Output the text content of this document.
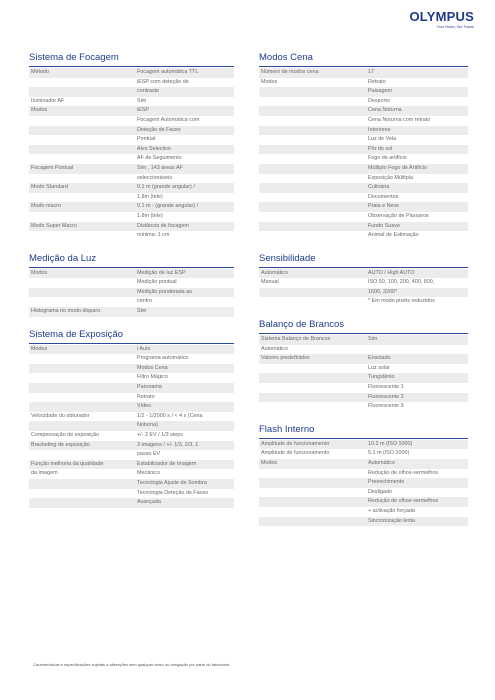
OLYMPUS
Your Vision, Our Future
Sistema de Focagem
Método	Focagem automática TTL
iESP com deteção de
contraste
Iluminador AF	Sim
Modos	iESP
Focagem Automática com
Deteção de Faces
Pontual
Alvo Selectivo
AF de Seguimento
Focagem Pontual	Sim , 143 áreas AF
seleccionáveis
Modo Standard	0.1 m (grande angular) /
1.8m (tele)
Modo macro	0.1 m - (grande angular) /
1.8m (tele)
Modo Super Macro	Distância de focagem
mínima: 1 cm
Medição da Luz
Modos	Medição de luz ESP
Medição pontual
Medição ponderada ao
centro
Histograma no modo disparo	Sim
Sistema de Exposição
Modos	i Auto
Programa automático
Modos Cena
Filtro Mágico
Panorama
Retrato
Vídeo
Velocidade do obturador	1/2 - 1/2000 s / < 4 s (Cena
Noturna)
Compensação de exposição	+/- 2 EV / 1/3 steps
Bracketing de exposição	3 imagens / +/- 1/3, 2/3, 1
passo EV
Função melhoria da qualidade	Estabilizador de Imagem
da imagem	Mecânico
Tecnologia Ajuste de Sombra
Tecnologia Deteção de Faces
Avançada
Modos Cena
Número de modos cena	17
Modos	Retrato
Paisagem
Desporto
Cena Noturna
Cena Noturna com retrato
Interiores
Luz de Vela
Pôr do sol
Fogo de artifício
Múltiplo Fogo de Artifício
Exposição Múltipla
Culinária
Documentos
Praia e Neve
Observação de Pássaros
Fundo Suave
Animal de Estimação
Sensibilidade
Automático	AUTO / High AUTO
Manual	ISO 50, 100, 200, 400, 800,
1600, 3200*
* Em modo pixéis reduzidos
Balanço de Brancos
Sistema Balanço de Brancos	Sim
Automático
Valores predefinidos	Ensolado
Luz solar
Tungsténio
Fluorescente 1
Fluorescente 2
Fluorescente 3
Flash Interno
Amplitude de funcionamento	10.2 m (ISO 1000)
Amplitude de funcionamento	5.1 m (ISO 1000)
Modos	Automático
Redução de olhos-vermelhos
Preenchimento
Desligado
Redução de olhos-vermelhos
+ activação forçada
Sincronização lenta
Características e especificações sujeitas a alterações sem qualquer aviso ou obrigação por parte do fabricante.
